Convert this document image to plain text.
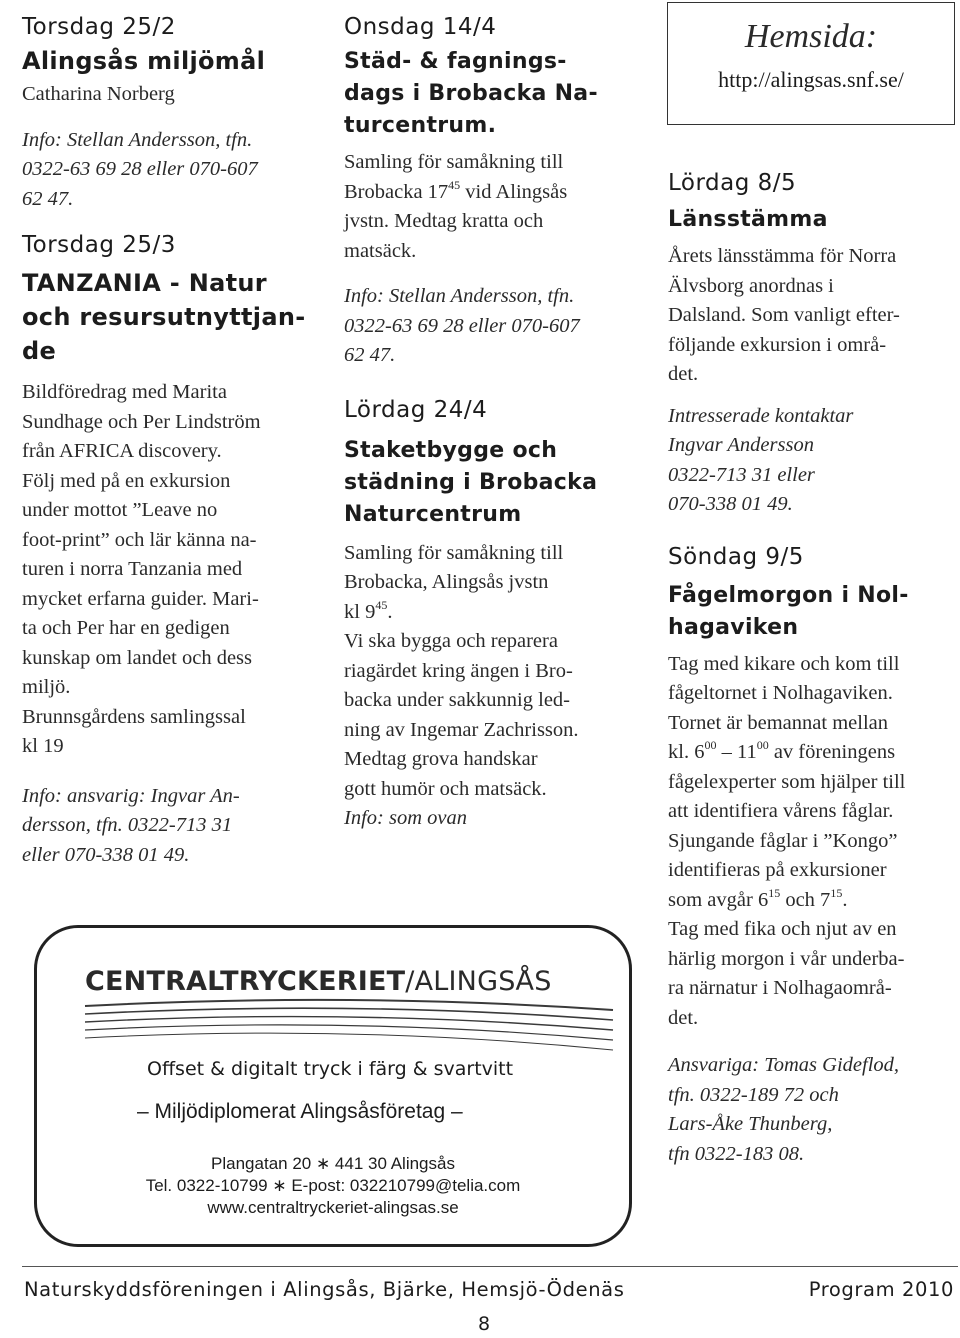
Torsdag 25/2

Alingsås miljömål

Catharina Norberg

Info: Stellan Andersson, tfn.
0322-63 69 28 eller 070-607
62 47.

Torsdag 25/3

TANZANIA - Natur
och resursutnyttjan-
de

Bildföredrag med Marita
Sundhage och Per Lindström
från AFRICA discovery.
Följ med på en exkursion
under mottot ”Leave no
foot-print” och lär känna na-
turen i norra Tanzania med
mycket erfarna guider. Mari-
ta och Per har en gedigen
kunskap om landet och dess
miljö.
Brunnsgårdens samlingssal
kl 19

Info: ansvarig: Ingvar An-
dersson, tfn. 0322-713 31
eller 070-338 01 49.

Onsdag 14/4

Städ- & fagnings-
dags i Brobacka Na-
turcentrum.

Samling för samåkning till
Brobacka $17^{45}$ vid Alingsås
jvstn. Medtag kratta och
matsäck.

Info: Stellan Andersson, tfn.
0322-63 69 28 eller 070-607
62 47.

Lördag 24/4

Staketbygge och
städning i Brobacka
Naturcentrum

Samling för samåkning till
Brobacka, Alingsås jvstn
kl $9^{45}$.
Vi ska bygga och reparera
riagärdet kring ängen i Bro-
backa under sakkunnig led-
ning av Ingemar Zachrisson.
Medtag grova handskar
gott humör och matsäck.

Info: som ovan

Hemsida:
http://alingsas.snf.se/

Lördag 8/5

Länsstämma

Årets länsstämma för Norra
Älvsborg anordnas i
Dalsland. Som vanligt efter-
följande exkursion i områ-
det.

Intresserade kontaktar
Ingvar Andersson
0322-713 31 eller
070-338 01 49.

Söndag 9/5

Fågelmorgon i Nol-
hagaviken

Tag med kikare och kom till
fågeltornet i Nolhagaviken.
Tornet är bemannat mellan
kl. $6^{00} - 11^{00}$ av föreningens
fågelexperter som hjälper till
att identifiera vårens fåglar.
Sjungande fåglar i ”Kongo”
identifieras på exkursioner
som avgår $6^{15}$ och $7^{15}$.
Tag med fika och njut av en
härlig morgon i vår underba-
ra närnatur i Nolhagaområ-
det.

Ansvariga: Tomas Gideflod,
tfn. 0322-189 72 och
Lars-Åke Thunberg,
tfn 0322-183 08.

CENTRALTRYCKERIET/ALINGSÅS
Offset & digitalt tryck i färg & svartvitt
– Miljödiplomerat Alingsåsföretag –
Plangatan 20 ∗ 441 30 Alingsås
Tel. 0322-10799 ∗ E-post: 032210799@telia.com
www.centraltryckeriet-alingsas.se
Naturskyddsföreningen i Alingsås, Bjärke, Hemsjö-Ödenäs	Program 2010
8
